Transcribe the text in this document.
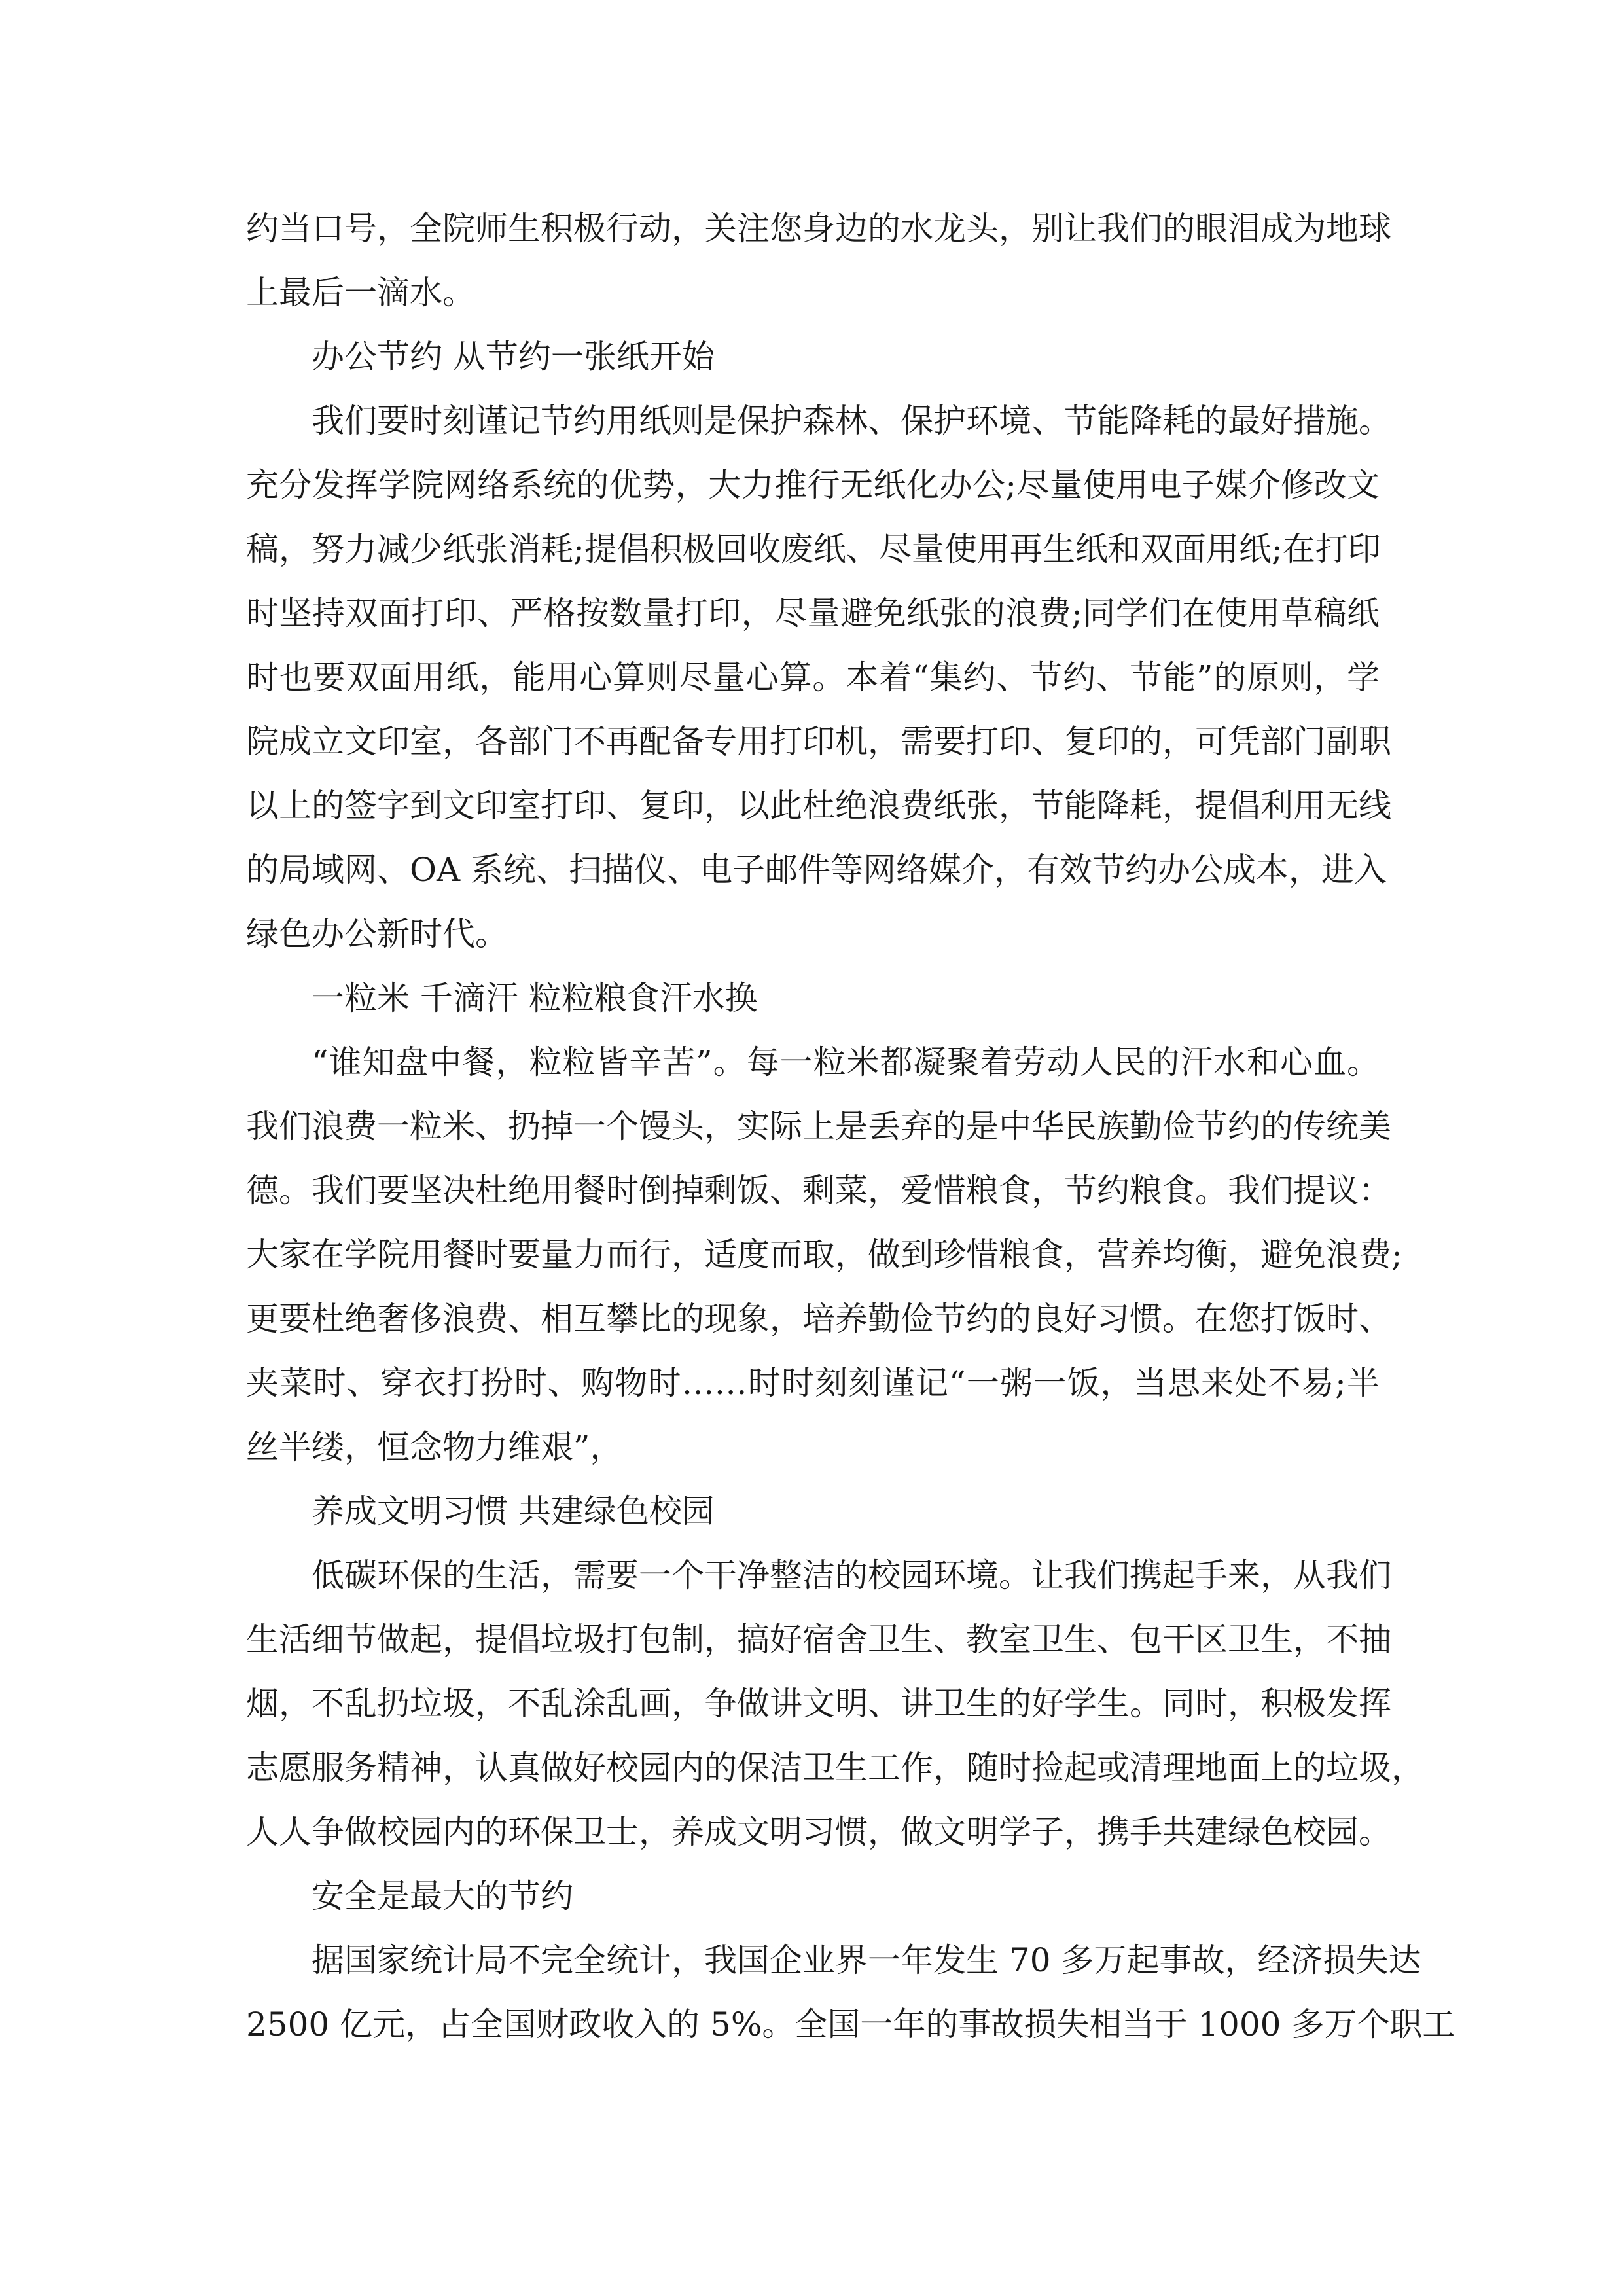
约当口号，全院师生积极行动，关注您身边的水龙头，别让我们的眼泪成为地球
上最后一滴水。
办公节约 从节约一张纸开始
我们要时刻谨记节约用纸则是保护森林、保护环境、节能降耗的最好措施。
充分发挥学院网络系统的优势，大力推行无纸化办公;尽量使用电子媒介修改文
稿，努力减少纸张消耗;提倡积极回收废纸、尽量使用再生纸和双面用纸;在打印
时坚持双面打印、严格按数量打印，尽量避免纸张的浪费;同学们在使用草稿纸
时也要双面用纸，能用心算则尽量心算。本着“集约、节约、节能”的原则，学
院成立文印室，各部门不再配备专用打印机，需要打印、复印的，可凭部门副职
以上的签字到文印室打印、复印，以此杜绝浪费纸张，节能降耗，提倡利用无线
的局域网、OA 系统、扫描仪、电子邮件等网络媒介，有效节约办公成本，进入
绿色办公新时代。
一粒米 千滴汗 粒粒粮食汗水换
“谁知盘中餐，粒粒皆辛苦”。每一粒米都凝聚着劳动人民的汗水和心血。
我们浪费一粒米、扔掉一个馒头，实际上是丢弃的是中华民族勤俭节约的传统美
德。我们要坚决杜绝用餐时倒掉剩饭、剩菜，爱惜粮食，节约粮食。我们提议：
大家在学院用餐时要量力而行，适度而取，做到珍惜粮食，营养均衡，避免浪费;
更要杜绝奢侈浪费、相互攀比的现象，培养勤俭节约的良好习惯。在您打饭时、
夹菜时、穿衣打扮时、购物时……时时刻刻谨记“一粥一饭，当思来处不易;半
丝半缕，恒念物力维艰”，
养成文明习惯 共建绿色校园
低碳环保的生活，需要一个干净整洁的校园环境。让我们携起手来，从我们
生活细节做起，提倡垃圾打包制，搞好宿舍卫生、教室卫生、包干区卫生，不抽
烟，不乱扔垃圾，不乱涂乱画，争做讲文明、讲卫生的好学生。同时，积极发挥
志愿服务精神，认真做好校园内的保洁卫生工作，随时捡起或清理地面上的垃圾，
人人争做校园内的环保卫士，养成文明习惯，做文明学子，携手共建绿色校园。
安全是最大的节约
据国家统计局不完全统计，我国企业界一年发生 70 多万起事故，经济损失达
2500 亿元，占全国财政收入的 5%。全国一年的事故损失相当于 1000 多万个职工
